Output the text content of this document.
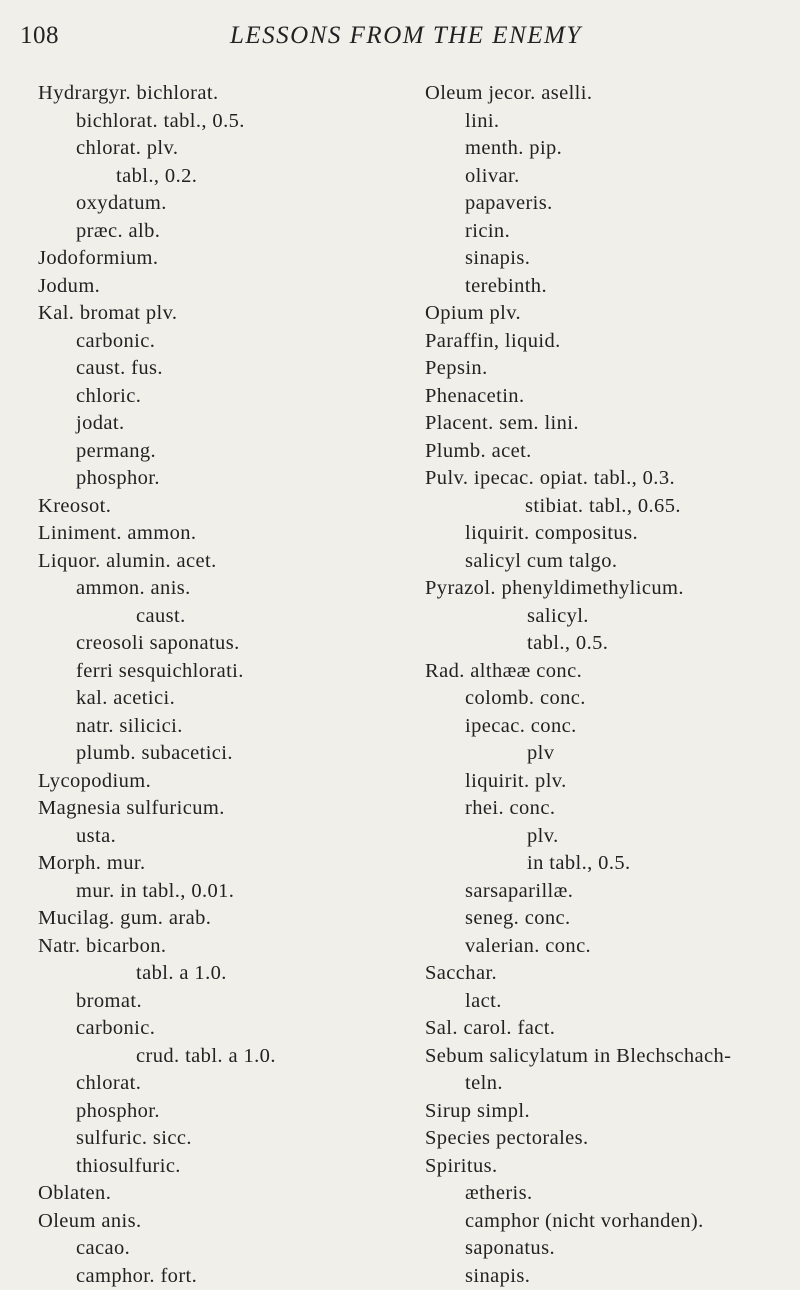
108	LESSONS FROM THE ENEMY
Hydrargyr. bichlorat.
bichlorat. tabl., 0.5.
chlorat. plv.
tabl., 0.2.
oxydatum.
præc. alb.
Jodoformium.
Jodum.
Kal. bromat plv.
carbonic.
caust. fus.
chloric.
jodat.
permang.
phosphor.
Kreosot.
Liniment. ammon.
Liquor. alumin. acet.
ammon. anis.
caust.
creosoli saponatus.
ferri sesquichlorati.
kal. acetici.
natr. silicici.
plumb. subacetici.
Lycopodium.
Magnesia sulfuricum.
usta.
Morph. mur.
mur. in tabl., 0.01.
Mucilag. gum. arab.
Natr. bicarbon.
tabl. a 1.0.
bromat.
carbonic.
crud. tabl. a 1.0.
chlorat.
phosphor.
sulfuric. sicc.
thiosulfuric.
Oblaten.
Oleum anis.
cacao.
camphor. fort.
Oleum jecor. aselli.
lini.
menth. pip.
olivar.
papaveris.
ricin.
sinapis.
terebinth.
Opium plv.
Paraffin, liquid.
Pepsin.
Phenacetin.
Placent. sem. lini.
Plumb. acet.
Pulv. ipecac. opiat. tabl., 0.3.
stibiat. tabl., 0.65.
liquirit. compositus.
salicyl cum talgo.
Pyrazol. phenyldimethylicum.
salicyl.
tabl., 0.5.
Rad. althææ conc.
colomb. conc.
ipecac. conc.
plv
liquirit. plv.
rhei. conc.
plv.
in tabl., 0.5.
sarsaparillæ.
seneg. conc.
valerian. conc.
Sacchar.
lact.
Sal. carol. fact.
Sebum salicylatum in Blechschach-
teln.
Sirup simpl.
Species pectorales.
Spiritus.
ætheris.
camphor (nicht vorhanden).
saponatus.
sinapis.
